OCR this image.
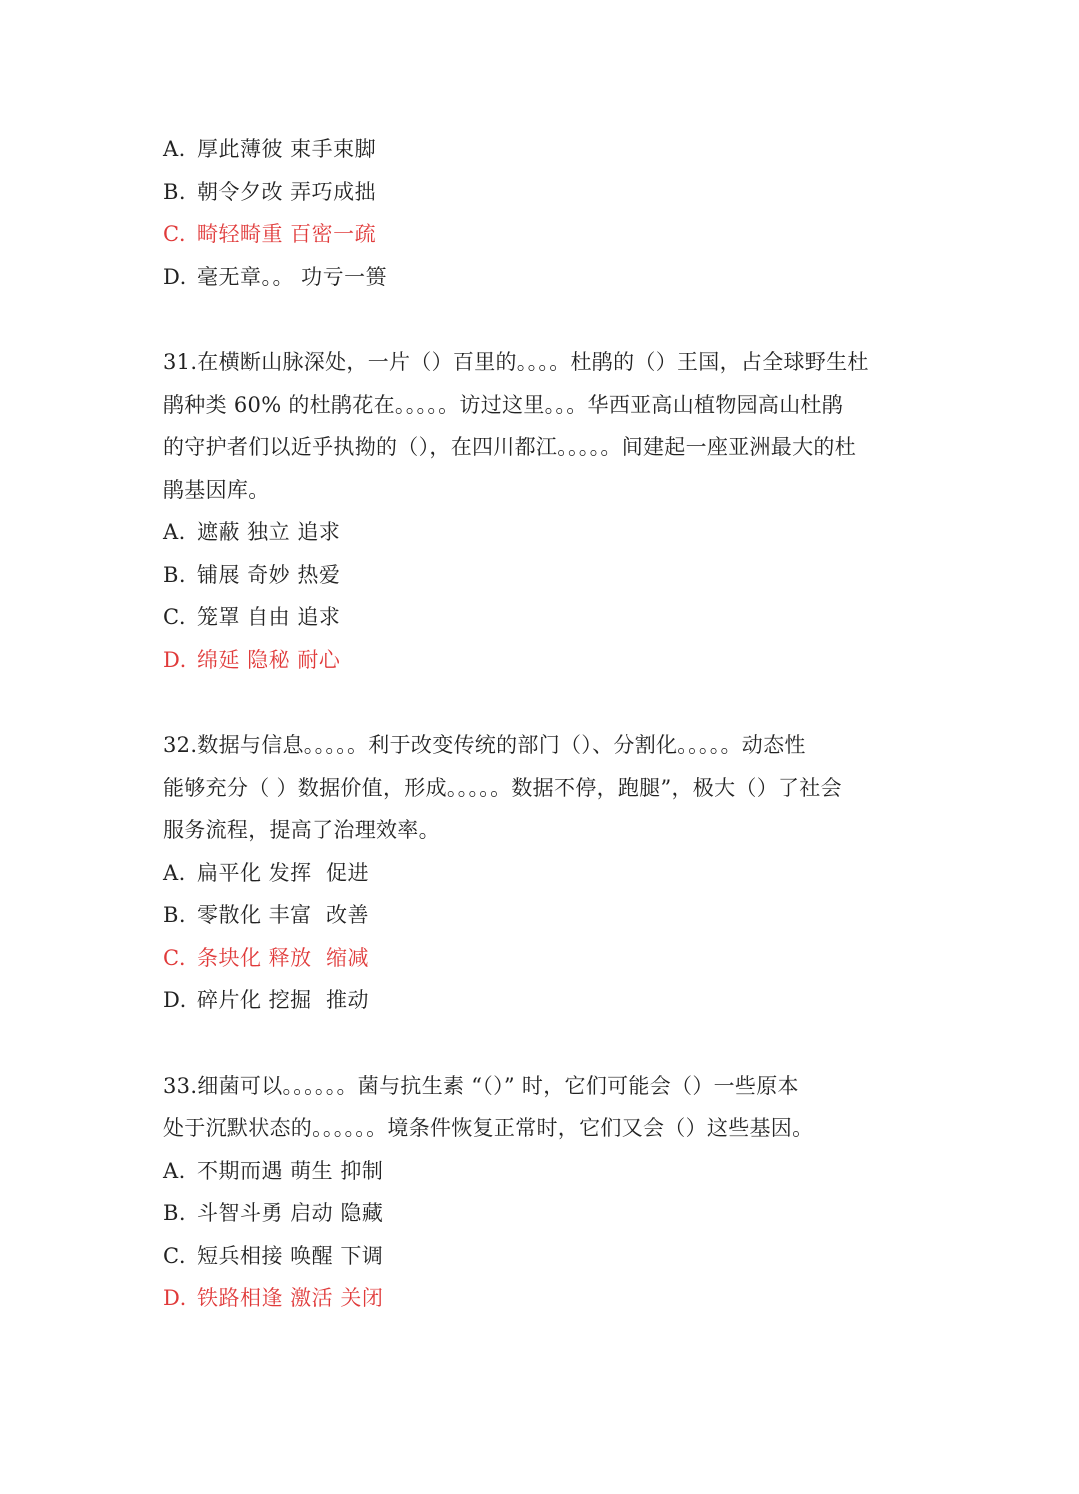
A. 厚此薄彼 束手束脚
B. 朝令夕改 弄巧成拙
C. 畸轻畸重 百密一疏
D. 毫无章。。 功亏一篑
31.在横断山脉深处，一片（）百里的。。。。杜鹃的（）王国，占全球野生杜
鹃种类 60% 的杜鹃花在。。。。。访过这里。。。华西亚高山植物园高山杜鹃
的守护者们以近乎执拗的（），在四川都江。。。。。间建起一座亚洲最大的杜
鹃基因库。
A. 遮蔽 独立 追求
B. 铺展 奇妙 热爱
C. 笼罩 自由 追求
D. 绵延 隐秘 耐心
32.数据与信息。。。。。利于改变传统的部门（）、分割化。。。。。动态性
能够充分（ ）数据价值，形成。。。。。数据不停，跑腿”，极大（）了社会
服务流程，提高了治理效率。
A. 扁平化 发挥  促进
B. 零散化 丰富  改善
C. 条块化 释放  缩减
D. 碎片化 挖掘  推动
33.细菌可以。。。。。。菌与抗生素 “（）” 时，它们可能会（）一些原本
处于沉默状态的。。。。。。境条件恢复正常时，它们又会（）这些基因。
A. 不期而遇 萌生 抑制
B. 斗智斗勇 启动 隐藏
C. 短兵相接 唤醒 下调
D. 铁路相逢 激活 关闭
